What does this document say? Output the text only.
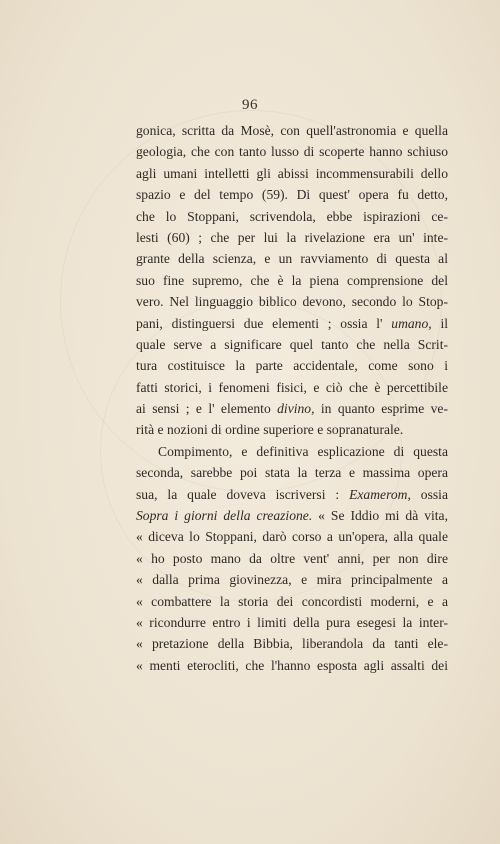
96
gonica, scritta da Mosè, con quell'astronomia e quella
geologia, che con tanto lusso di scoperte hanno schiuso
agli umani intelletti gli abissi incommensurabili dello
spazio e del tempo (59). Di quest' opera fu detto,
che lo Stoppani, scrivendola, ebbe ispirazioni ce-
lesti (60) ; che per lui la rivelazione era un' inte-
grante della scienza, e un ravviamento di questa al
suo fine supremo, che è la piena comprensione del
vero. Nel linguaggio biblico devono, secondo lo Stop-
pani, distinguersi due elementi ; ossia l' umano, il
quale serve a significare quel tanto che nella Scrit-
tura costituisce la parte accidentale, come sono i
fatti storici, i fenomeni fisici, e ciò che è percettibile
ai sensi ; e l' elemento divino, in quanto esprime ve-
rità e nozioni di ordine superiore e sopranaturale.
Compimento, e definitiva esplicazione di questa
seconda, sarebbe poi stata la terza e massima opera
sua, la quale doveva iscriversi : Examerom, ossia
Sopra i giorni della creazione. « Se Iddio mi dà vita,
« diceva lo Stoppani, darò corso a un'opera, alla quale
« ho posto mano da oltre vent' anni, per non dire
« dalla prima giovinezza, e mira principalmente a
« combattere la storia dei concordisti moderni, e a
« ricondurre entro i limiti della pura esegesi la inter-
« pretazione della Bibbia, liberandola da tanti ele-
« menti eterocliti, che l'hanno esposta agli assalti dei
